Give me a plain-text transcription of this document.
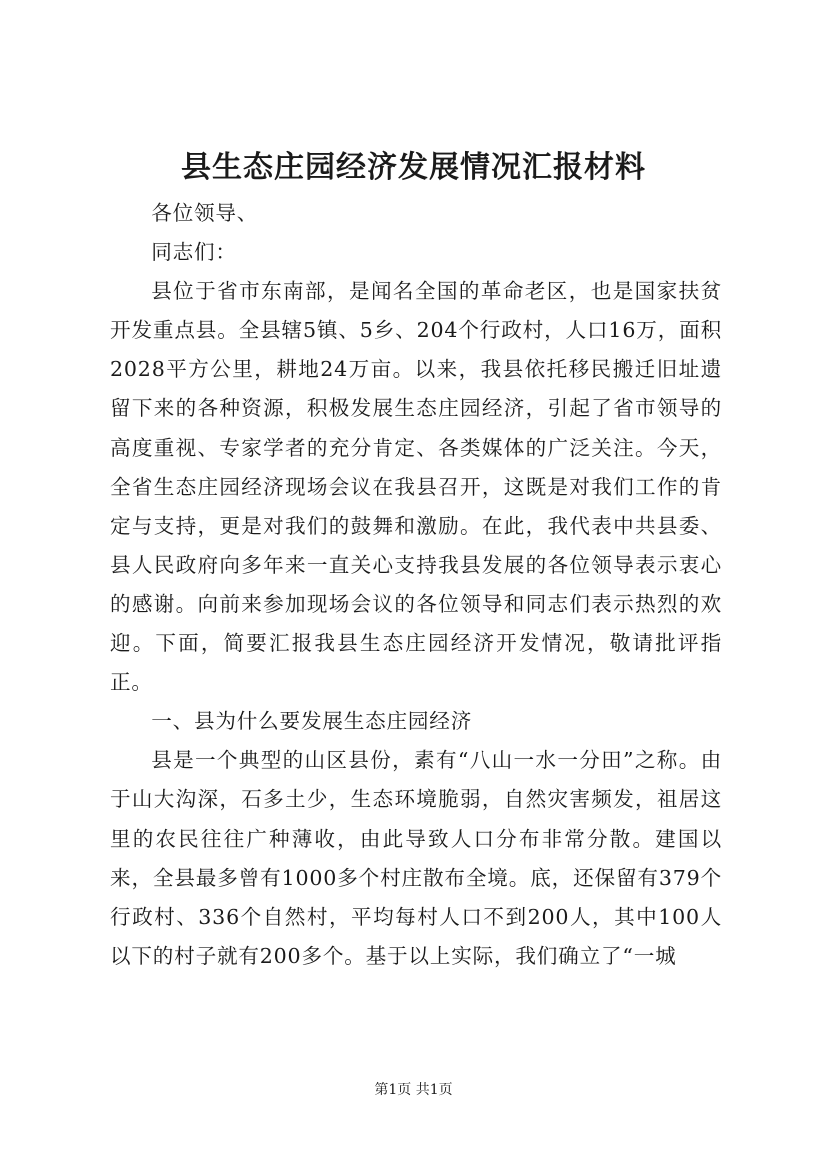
县生态庄园经济发展情况汇报材料

各位领导、

同志们：

县位于省市东南部，是闻名全国的革命老区，也是国家扶贫开发重点县。全县辖5镇、5乡、204个行政村，人口16万，面积2028平方公里，耕地24万亩。以来，我县依托移民搬迁旧址遗留下来的各种资源，积极发展生态庄园经济，引起了省市领导的高度重视、专家学者的充分肯定、各类媒体的广泛关注。今天，全省生态庄园经济现场会议在我县召开，这既是对我们工作的肯定与支持，更是对我们的鼓舞和激励。在此，我代表中共县委、县人民政府向多年来一直关心支持我县发展的各位领导表示衷心的感谢。向前来参加现场会议的各位领导和同志们表示热烈的欢迎。下面，简要汇报我县生态庄园经济开发情况，敬请批评指正。

一、县为什么要发展生态庄园经济

县是一个典型的山区县份，素有“八山一水一分田”之称。由于山大沟深，石多土少，生态环境脆弱，自然灾害频发，祖居这里的农民往往广种薄收，由此导致人口分布非常分散。建国以来，全县最多曾有1000多个村庄散布全境。底，还保留有379个行政村、336个自然村，平均每村人口不到200人，其中100人以下的村子就有200多个。基于以上实际，我们确立了“一城

第1页 共1页
